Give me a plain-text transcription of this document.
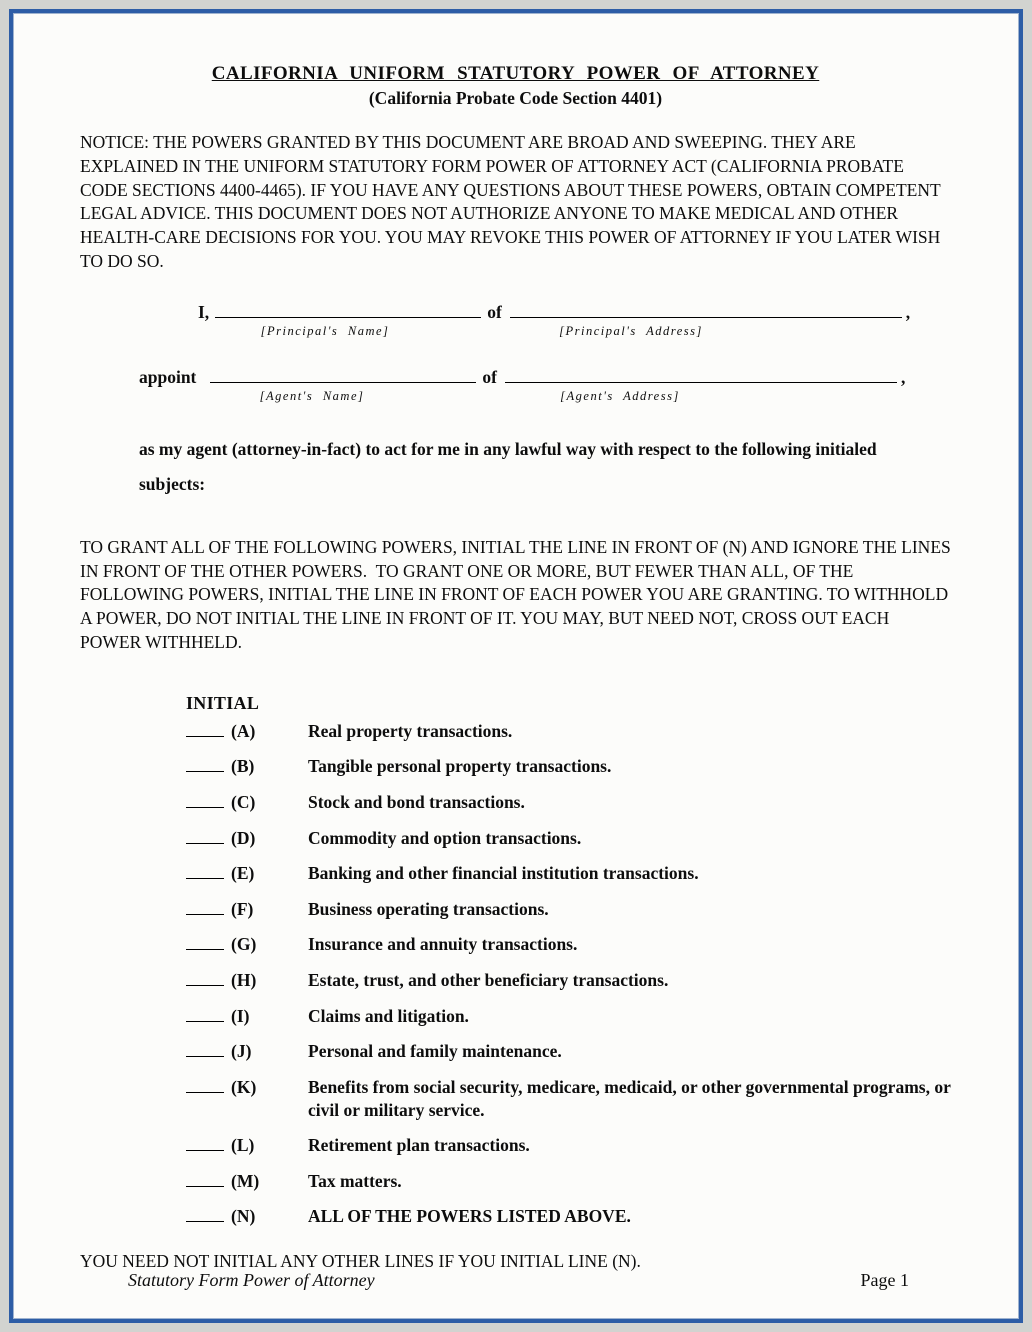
CALIFORNIA UNIFORM STATUTORY POWER OF ATTORNEY
(California Probate Code Section 4401)

NOTICE: THE POWERS GRANTED BY THIS DOCUMENT ARE BROAD AND SWEEPING. THEY ARE EXPLAINED IN THE UNIFORM STATUTORY FORM POWER OF ATTORNEY ACT (CALIFORNIA PROBATE CODE SECTIONS 4400-4465). IF YOU HAVE ANY QUESTIONS ABOUT THESE POWERS, OBTAIN COMPETENT LEGAL ADVICE. THIS DOCUMENT DOES NOT AUTHORIZE ANYONE TO MAKE MEDICAL AND OTHER HEALTH-CARE DECISIONS FOR YOU. YOU MAY REVOKE THIS POWER OF ATTORNEY IF YOU LATER WISH TO DO SO.

I,	of	,
[Principal's Name]	[Principal's Address]
appoint	of	,
[Agent's Name]	[Agent's Address]

as my agent (attorney-in-fact) to act for me in any lawful way with respect to the following initialed subjects:

TO GRANT ALL OF THE FOLLOWING POWERS, INITIAL THE LINE IN FRONT OF (N) AND IGNORE THE LINES IN FRONT OF THE OTHER POWERS.  TO GRANT ONE OR MORE, BUT FEWER THAN ALL, OF THE FOLLOWING POWERS, INITIAL THE LINE IN FRONT OF EACH POWER YOU ARE GRANTING. TO WITHHOLD A POWER, DO NOT INITIAL THE LINE IN FRONT OF IT. YOU MAY, BUT NEED NOT, CROSS OUT EACH POWER WITHHELD.

INITIAL
(A)	Real property transactions.
(B)	Tangible personal property transactions.
(C)	Stock and bond transactions.
(D)	Commodity and option transactions.
(E)	Banking and other financial institution transactions.
(F)	Business operating transactions.
(G)	Insurance and annuity transactions.
(H)	Estate, trust, and other beneficiary transactions.
(I)	Claims and litigation.
(J)	Personal and family maintenance.
(K)	Benefits from social security, medicare, medicaid, or other governmental programs, or civil or military service.
(L)	Retirement plan transactions.
(M)	Tax matters.
(N)	ALL OF THE POWERS LISTED ABOVE.

YOU NEED NOT INITIAL ANY OTHER LINES IF YOU INITIAL LINE (N).

Statutory Form Power of Attorney	Page 1
